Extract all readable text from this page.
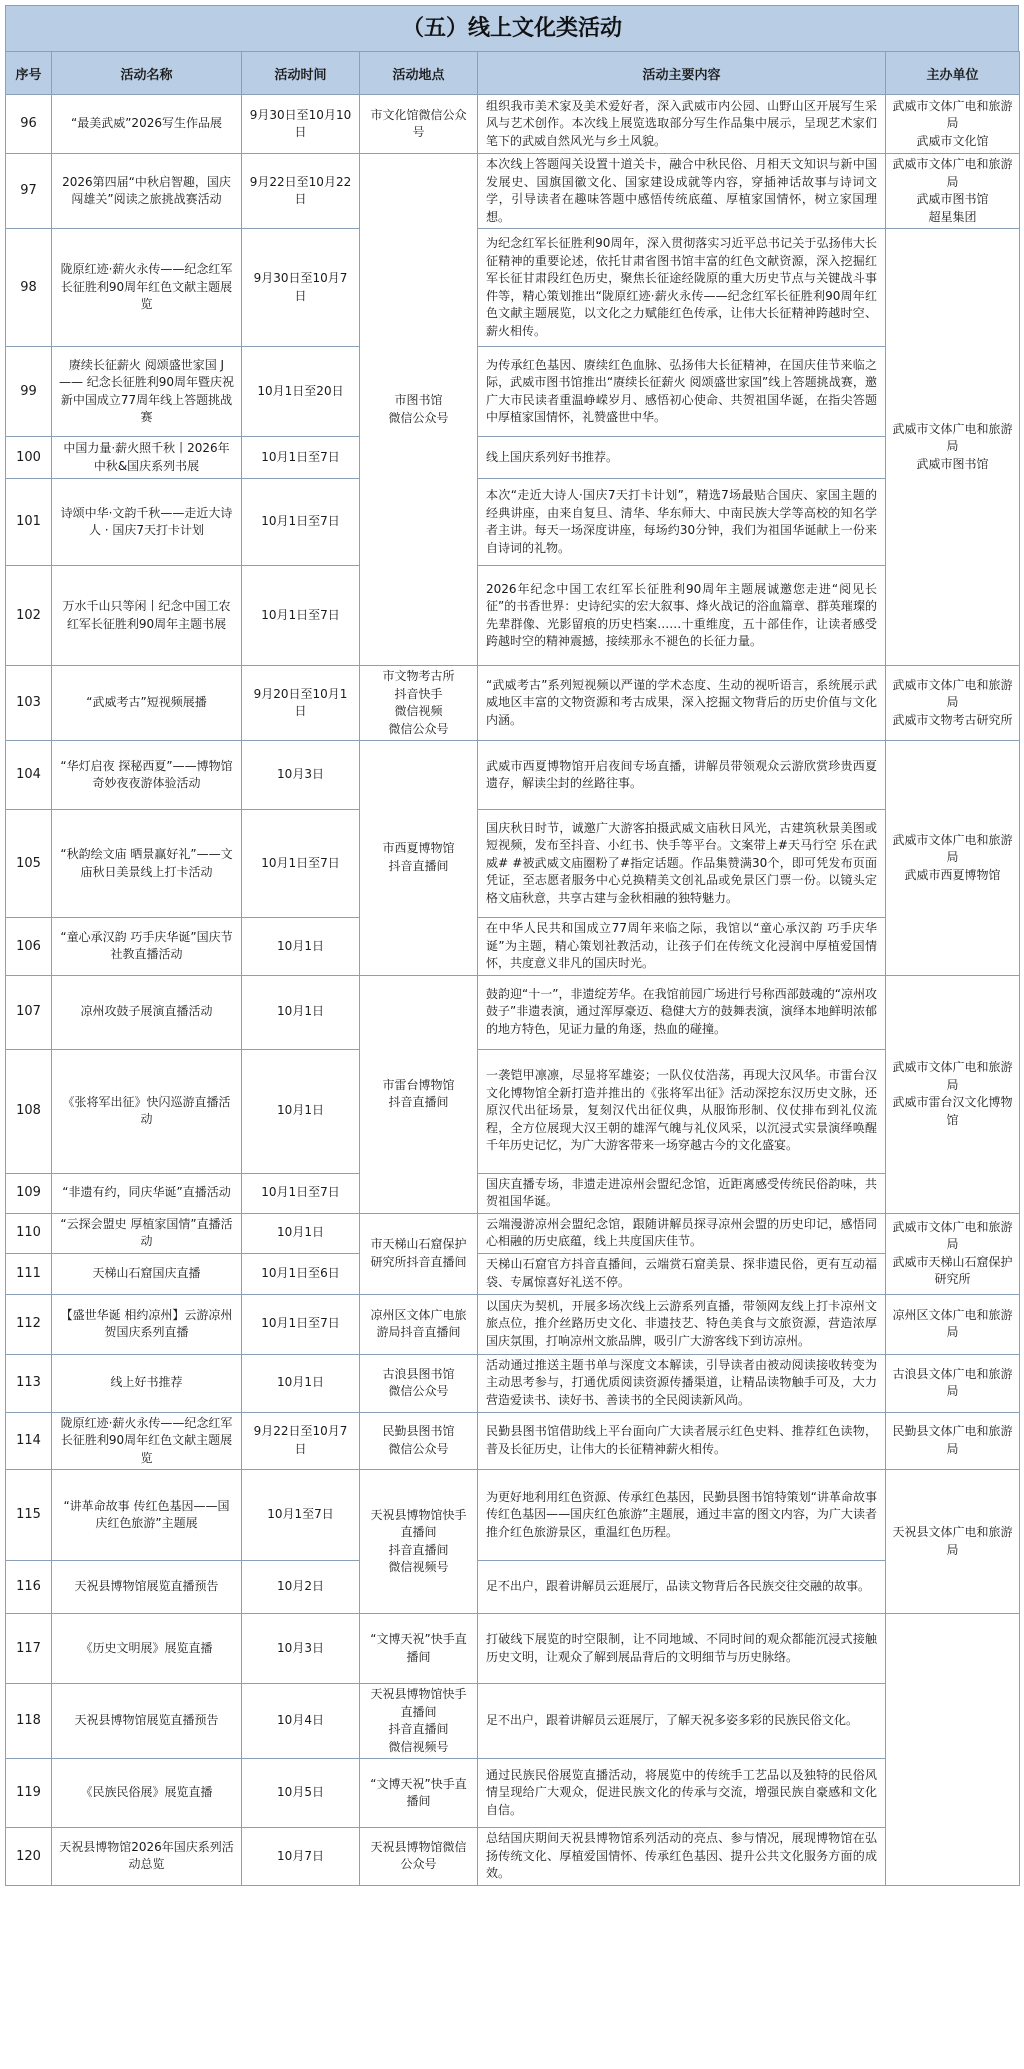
（五）线上文化类活动
序号	活动名称	活动时间	活动地点	活动主要内容	主办单位
96	“最美武威”2026写生作品展	9月30日至10月10日	市文化馆微信公众号	组织我市美术家及美术爱好者，深入武威市内公园、山野山区开展写生采风与艺术创作。本次线上展览选取部分写生作品集中展示，呈现艺术家们笔下的武威自然风光与乡土风貌。	武威市文体广电和旅游局
武威市文化馆
97	2026第四届“中秋启智趣，国庆闯雄关”阅读之旅挑战赛活动	9月22日至10月22日	市图书馆
微信公众号	本次线上答题闯关设置十道关卡，融合中秋民俗、月相天文知识与新中国发展史、国旗国徽文化、国家建设成就等内容，穿插神话故事与诗词文学，引导读者在趣味答题中感悟传统底蕴、厚植家国情怀，树立家国理想。	武威市文体广电和旅游局
武威市图书馆
超星集团
98	陇原红迹·薪火永传——纪念红军长征胜利90周年红色文献主题展览	9月30日至10月7日		为纪念红军长征胜利90周年，深入贯彻落实习近平总书记关于弘扬伟大长征精神的重要论述，依托甘肃省图书馆丰富的红色文献资源，深入挖掘红军长征甘肃段红色历史，聚焦长征途经陇原的重大历史节点与关键战斗事件等，精心策划推出“陇原红迹·薪火永传——纪念红军长征胜利90周年红色文献主题展览，以文化之力赋能红色传承，让伟大长征精神跨越时空、薪火相传。	武威市文体广电和旅游局
武威市图书馆
99	赓续长征薪火 阅颂盛世家国 J —— 纪念长征胜利90周年暨庆祝新中国成立77周年线上答题挑战赛	10月1日至20日		为传承红色基因、赓续红色血脉、弘扬伟大长征精神，在国庆佳节来临之际，武威市图书馆推出“赓续长征薪火 阅颂盛世家国”线上答题挑战赛，邀广大市民读者重温峥嵘岁月、感悟初心使命、共贺祖国华诞，在指尖答题中厚植家国情怀，礼赞盛世中华。	
100	中国力量·薪火照千秋丨2026年中秋&国庆系列书展	10月1日至7日		线上国庆系列好书推荐。	
101	诗颂中华·文韵千秋——走近大诗人 · 国庆7天打卡计划	10月1日至7日		本次“走近大诗人·国庆7天打卡计划”，精选7场最贴合国庆、家国主题的经典讲座，由来自复旦、清华、华东师大、中南民族大学等高校的知名学者主讲。每天一场深度讲座，每场约30分钟，我们为祖国华诞献上一份来自诗词的礼物。	
102	万水千山只等闲丨纪念中国工农红军长征胜利90周年主题书展	10月1日至7日		2026年纪念中国工农红军长征胜利90周年主题展诚邀您走进“阅见长征”的书香世界：史诗纪实的宏大叙事、烽火战记的浴血篇章、群英璀璨的先辈群像、光影留痕的历史档案……十重维度，五十部佳作，让读者感受跨越时空的精神震撼，接续那永不褪色的长征力量。	
103	“武威考古”短视频展播	9月20日至10月1日	市文物考古所
抖音快手
微信视频
微信公众号	“武威考古”系列短视频以严谨的学术态度、生动的视听语言，系统展示武威地区丰富的文物资源和考古成果，深入挖掘文物背后的历史价值与文化内涵。	武威市文体广电和旅游局
武威市文物考古研究所
104	“华灯启夜 探秘西夏”——博物馆奇妙夜夜游体验活动	10月3日	市西夏博物馆
抖音直播间	武威市西夏博物馆开启夜间专场直播，讲解员带领观众云游欣赏珍贵西夏遗存，解读尘封的丝路往事。	武威市文体广电和旅游局
武威市西夏博物馆
105	“秋韵绘文庙 晒景赢好礼”——文庙秋日美景线上打卡活动	10月1日至7日		国庆秋日时节，诚邀广大游客拍摄武威文庙秋日风光，古建筑秋景美图或短视频，发布至抖音、小红书、快手等平台。文案带上#天马行空 乐在武威# #被武威文庙圈粉了#指定话题。作品集赞满30个，即可凭发布页面凭证，至志愿者服务中心兑换精美文创礼品或免景区门票一份。以镜头定格文庙秋意，共享古建与金秋相融的独特魅力。	
106	“童心承汉韵 巧手庆华诞”国庆节社教直播活动	10月1日		在中华人民共和国成立77周年来临之际，我馆以“童心承汉韵 巧手庆华诞”为主题，精心策划社教活动，让孩子们在传统文化浸润中厚植爱国情怀，共度意义非凡的国庆时光。	
107	凉州攻鼓子展演直播活动	10月1日	市雷台博物馆
抖音直播间	鼓韵迎“十一”，非遗绽芳华。在我馆前园广场进行号称西部鼓魂的“凉州攻鼓子”非遗表演，通过浑厚豪迈、稳健大方的鼓舞表演，演绎本地鲜明浓郁的地方特色，见证力量的角逐，热血的碰撞。	武威市文体广电和旅游局
武威市雷台汉文化博物馆
108	《张将军出征》快闪巡游直播活动	10月1日		一袭铠甲凛凛，尽显将军雄姿；一队仪仗浩荡，再现大汉风华。市雷台汉文化博物馆全新打造并推出的《张将军出征》活动深挖东汉历史文脉，还原汉代出征场景，复刻汉代出征仪典，从服饰形制、仪仗排布到礼仪流程，全方位展现大汉王朝的雄浑气魄与礼仪风采，以沉浸式实景演绎唤醒千年历史记忆，为广大游客带来一场穿越古今的文化盛宴。	
109	“非遗有约，同庆华诞”直播活动	10月1日至7日		国庆直播专场，非遗走进凉州会盟纪念馆，近距离感受传统民俗韵味，共贺祖国华诞。	
110	“云探会盟史 厚植家国情”直播活动	10月1日	市天梯山石窟保护研究所抖音直播间	云端漫游凉州会盟纪念馆，跟随讲解员探寻凉州会盟的历史印记，感悟同心相融的历史底蕴，线上共度国庆佳节。	武威市文体广电和旅游局
武威市天梯山石窟保护研究所
111	天梯山石窟国庆直播	10月1日至6日		天梯山石窟官方抖音直播间，云端赏石窟美景、探非遗民俗，更有互动福袋、专属惊喜好礼送不停。	
112	【盛世华诞 相约凉州】云游凉州贺国庆系列直播	10月1日至7日	凉州区文体广电旅游局抖音直播间	以国庆为契机，开展多场次线上云游系列直播，带领网友线上打卡凉州文旅点位，推介丝路历史文化、非遗技艺、特色美食与文旅资源，营造浓厚国庆氛围，打响凉州文旅品牌，吸引广大游客线下到访凉州。	凉州区文体广电和旅游局
113	线上好书推荐	10月1日	古浪县图书馆
微信公众号	活动通过推送主题书单与深度文本解读，引导读者由被动阅读接收转变为主动思考参与，打通优质阅读资源传播渠道，让精品读物触手可及，大力营造爱读书、读好书、善读书的全民阅读新风尚。	古浪县文体广电和旅游局
114	陇原红迹·薪火永传——纪念红军长征胜利90周年红色文献主题展览	9月22日至10月7日	民勤县图书馆
微信公众号	民勤县图书馆借助线上平台面向广大读者展示红色史料、推荐红色读物，普及长征历史，让伟大的长征精神薪火相传。	民勤县文体广电和旅游局
115	“讲革命故事 传红色基因——国庆红色旅游”主题展	10月1至7日	天祝县博物馆快手直播间
抖音直播间
微信视频号	为更好地利用红色资源、传承红色基因，民勤县图书馆特策划“讲革命故事 传红色基因——国庆红色旅游”主题展，通过丰富的图文内容，为广大读者推介红色旅游景区，重温红色历程。	天祝县文体广电和旅游局
116	天祝县博物馆展览直播预告	10月2日		足不出户，跟着讲解员云逛展厅，品读文物背后各民族交往交融的故事。	
117	《历史文明展》展览直播	10月3日	“文博天祝”快手直播间	打破线下展览的时空限制，让不同地域、不同时间的观众都能沉浸式接触历史文明，让观众了解到展品背后的文明细节与历史脉络。	
118	天祝县博物馆展览直播预告	10月4日	天祝县博物馆快手直播间
抖音直播间
微信视频号	足不出户，跟着讲解员云逛展厅，了解天祝多姿多彩的民族民俗文化。	
119	《民族民俗展》展览直播	10月5日	“文博天祝”快手直播间	通过民族民俗展览直播活动，将展览中的传统手工艺品以及独特的民俗风情呈现给广大观众，促进民族文化的传承与交流，增强民族自豪感和文化自信。	
120	天祝县博物馆2026年国庆系列活动总览	10月7日	天祝县博物馆微信公众号	总结国庆期间天祝县博物馆系列活动的亮点、参与情况，展现博物馆在弘扬传统文化、厚植爱国情怀、传承红色基因、提升公共文化服务方面的成效。	
